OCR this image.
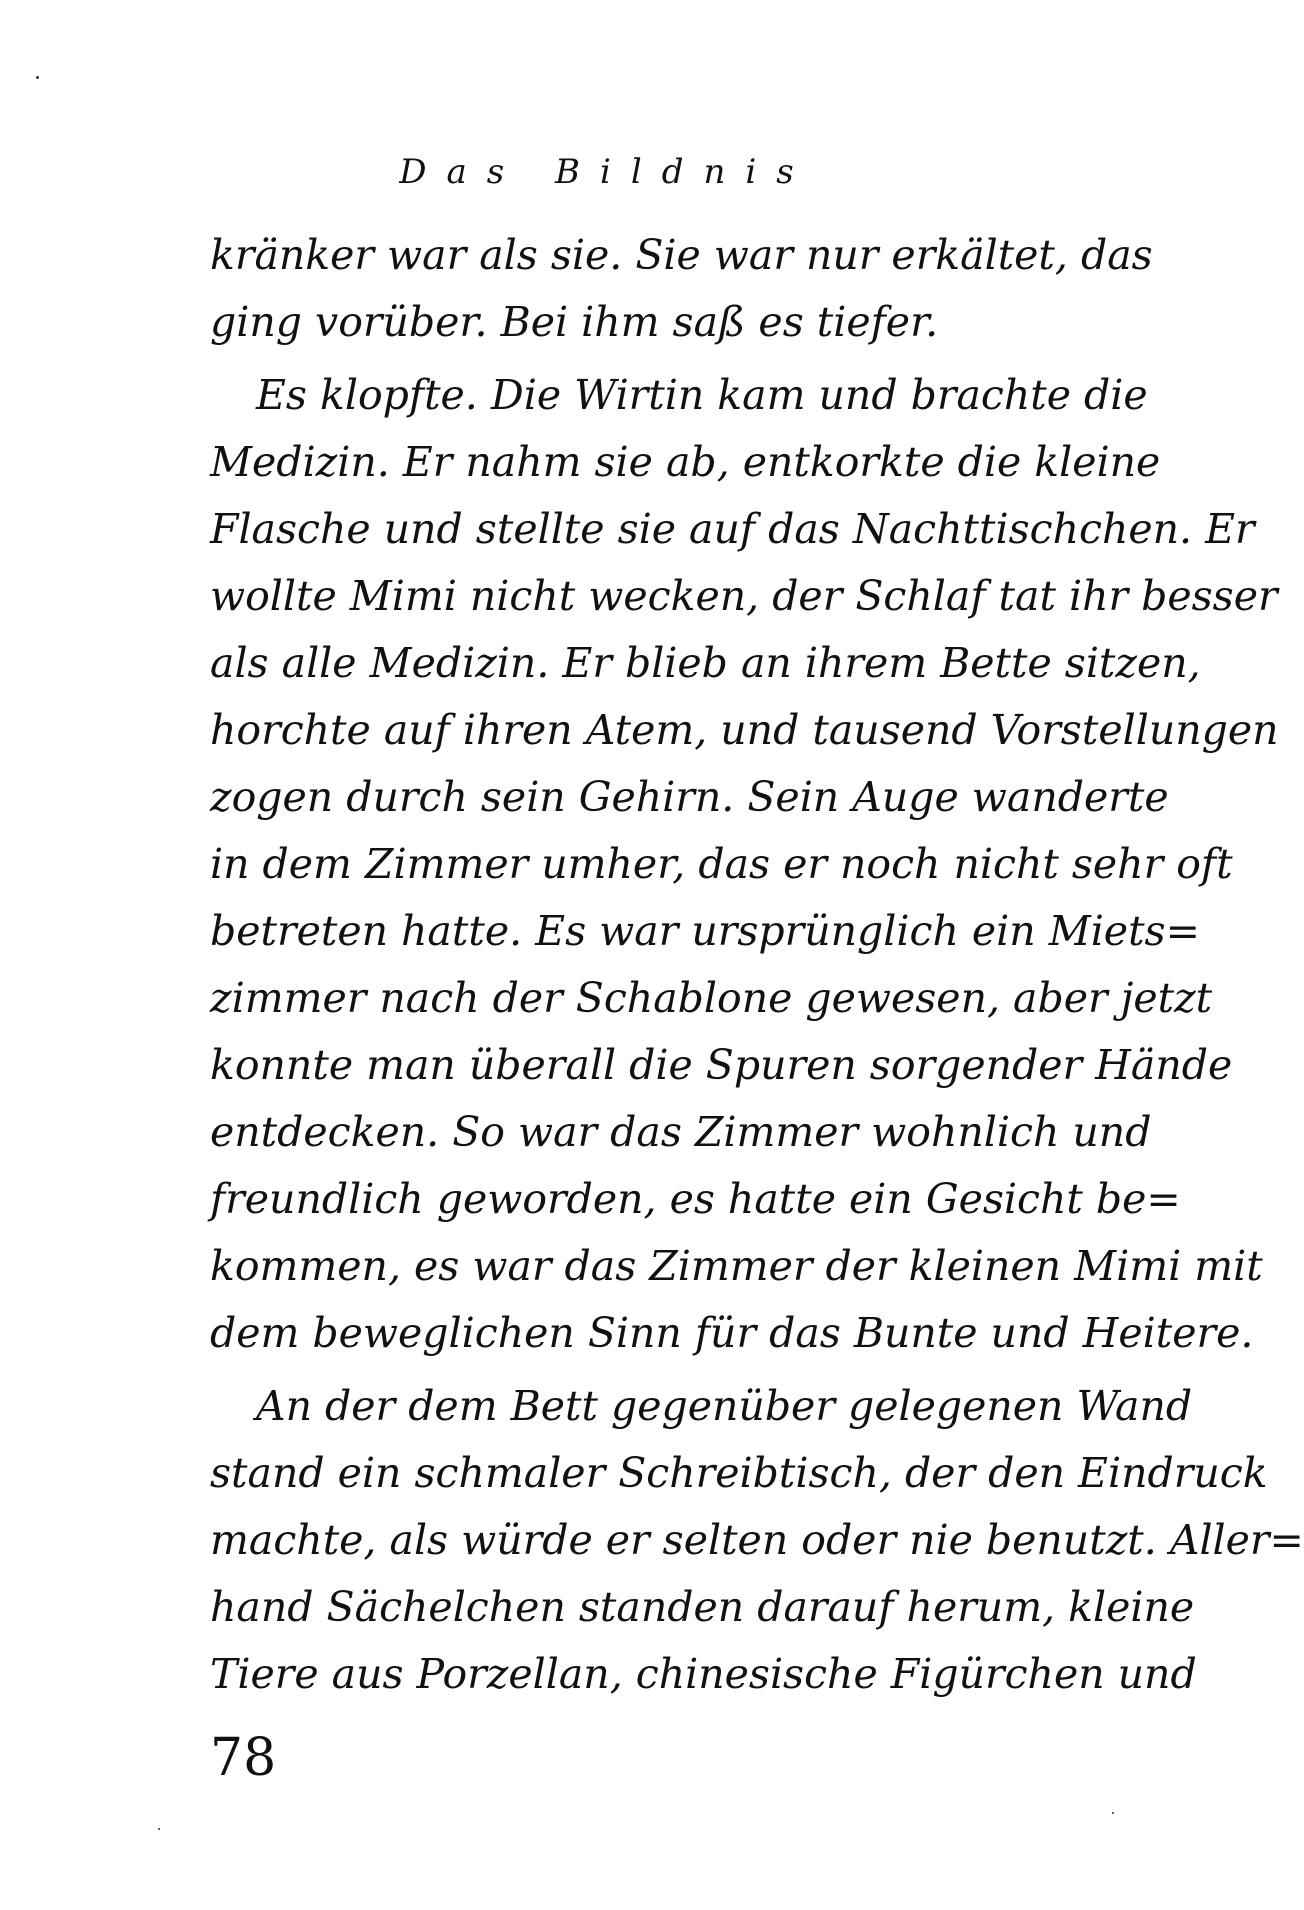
Das Bildnis
kränker war als sie. Sie war nur erkältet, das
ging vorüber. Bei ihm saß es tiefer.
Es klopfte. Die Wirtin kam und brachte die
Medizin. Er nahm sie ab, entkorkte die kleine
Flasche und stellte sie auf das Nachttischchen. Er
wollte Mimi nicht wecken, der Schlaf tat ihr besser
als alle Medizin. Er blieb an ihrem Bette sitzen,
horchte auf ihren Atem, und tausend Vorstellungen
zogen durch sein Gehirn. Sein Auge wanderte
in dem Zimmer umher, das er noch nicht sehr oft
betreten hatte. Es war ursprünglich ein Miets=
zimmer nach der Schablone gewesen, aber jetzt
konnte man überall die Spuren sorgender Hände
entdecken. So war das Zimmer wohnlich und
freundlich geworden, es hatte ein Gesicht be=
kommen, es war das Zimmer der kleinen Mimi mit
dem beweglichen Sinn für das Bunte und Heitere.
An der dem Bett gegenüber gelegenen Wand
stand ein schmaler Schreibtisch, der den Eindruck
machte, als würde er selten oder nie benutzt. Aller=
hand Sächelchen standen darauf herum, kleine
Tiere aus Porzellan, chinesische Figürchen und
78
